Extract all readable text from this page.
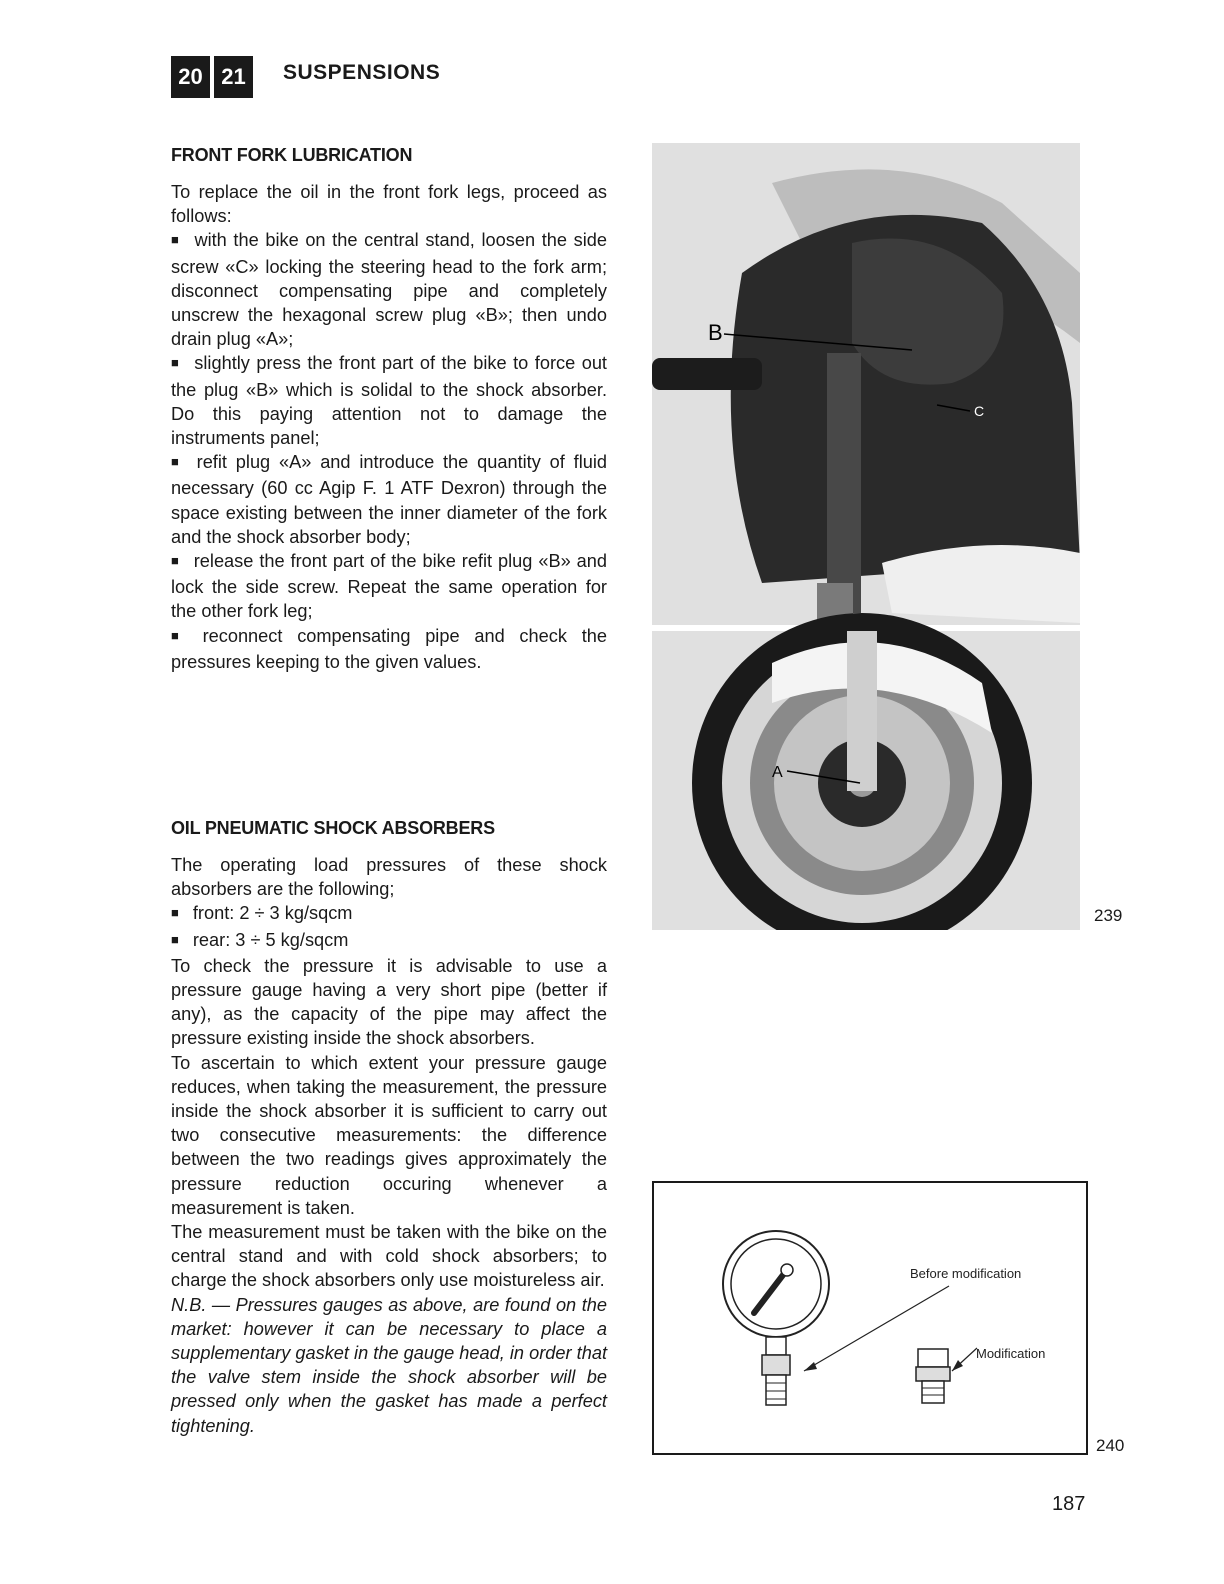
20 21	SUSPENSIONS
FRONT FORK LUBRICATION

To replace the oil in the front fork legs, proceed as follows:

■ with the bike on the central stand, loosen the side screw «C» locking the steering head to the fork arm; disconnect compensating pipe and completely unscrew the hexagonal screw plug «B»; then undo drain plug «A»;

■ slightly press the front part of the bike to force out the plug «B» which is solidal to the shock absorber. Do this paying attention not to damage the instruments panel;

■ refit plug «A» and introduce the quantity of fluid necessary (60 cc Agip F. 1 ATF Dexron) through the space existing between the inner diameter of the fork and the shock absorber body;

■ release the front part of the bike refit plug «B» and lock the side screw. Repeat the same operation for the other fork leg;

■ reconnect compensating pipe and check the pressures keeping to the given values.

OIL PNEUMATIC SHOCK ABSORBERS

The operating load pressures of these shock absorbers are the following;

■ front: 2 ÷ 3 kg/sqcm

■ rear: 3 ÷ 5 kg/sqcm

To check the pressure it is advisable to use a pressure gauge having a very short pipe (better if any), as the capacity of the pipe may affect the pressure existing inside the shock absorbers.

To ascertain to which extent your pressure gauge reduces, when taking the measurement, the pressure inside the shock absorber it is sufficient to carry out two consecutive measurements: the difference between the two readings gives approximately the pressure reduction occuring whenever a measurement is taken.

The measurement must be taken with the bike on the central stand and with cold shock absorbers; to charge the shock absorbers only use moistureless air.

N.B. — Pressures gauges as above, are found on the market: however it can be necessary to place a supplementary gasket in the gauge head, in order that the valve stem inside the shock absorber will be pressed only when the gasket has made a perfect tightening.

B
C
A
239
Before modification
Modification
240
187
